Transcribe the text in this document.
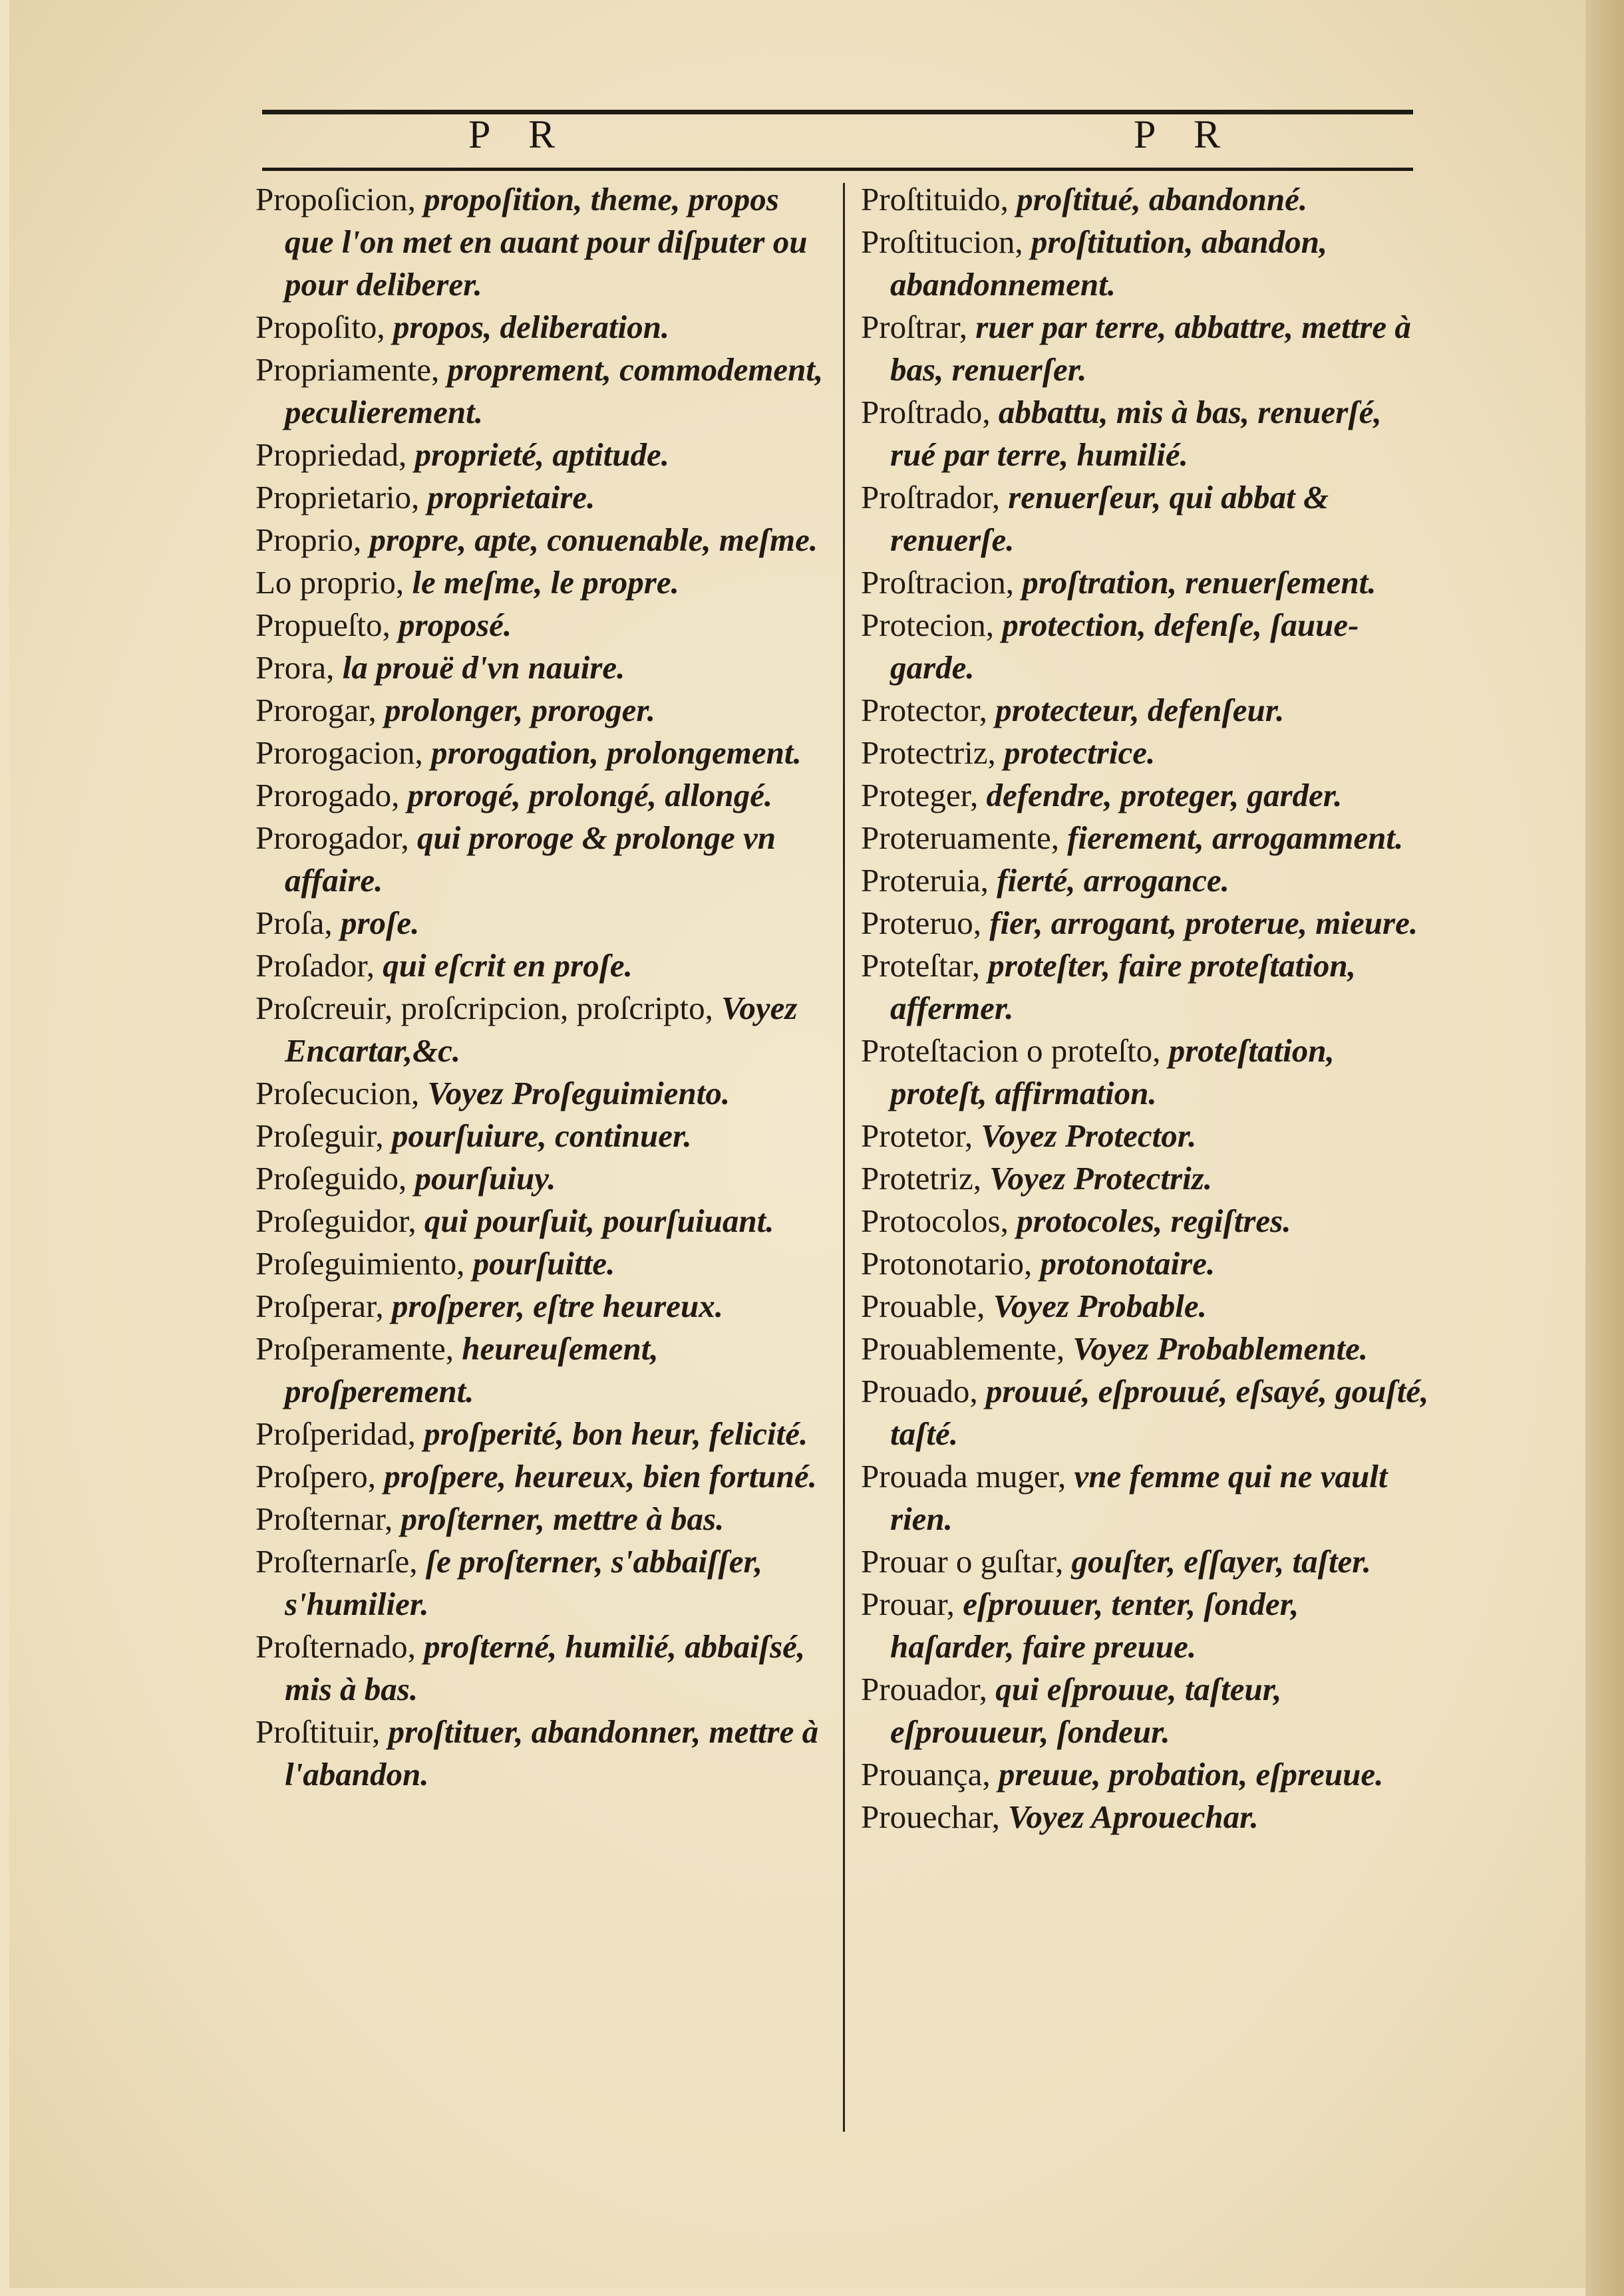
P R	P R
Propoſicion, propoſition, theme, propos que l'on met en auant pour diſputer ou pour deliberer.
Propoſito, propos, deliberation.
Propriamente, proprement, commodement, peculierement.
Propriedad, proprieté, aptitude.
Proprietario, proprietaire.
Proprio, propre, apte, conuenable, meſme.
Lo proprio, le meſme, le propre.
Propueſto, proposé.
Prora, la prouë d'vn nauire.
Prorogar, prolonger, proroger.
Prorogacion, prorogation, prolongement.
Prorogado, prorogé, prolongé, allongé.
Prorogador, qui proroge & prolonge vn affaire.
Proſa, proſe.
Proſador, qui eſcrit en proſe.
Proſcreuir, proſcripcion, proſcripto, Voyez Encartar,&c.
Proſecucion, Voyez Proſeguimiento.
Proſeguir, pourſuiure, continuer.
Proſeguido, pourſuiuy.
Proſeguidor, qui pourſuit, pourſuiuant.
Proſeguimiento, pourſuitte.
Proſperar, proſperer, eſtre heureux.
Proſperamente, heureuſement, proſperement.
Proſperidad, proſperité, bon heur, felicité.
Proſpero, proſpere, heureux, bien fortuné.
Proſternar, proſterner, mettre à bas.
Proſternarſe, ſe proſterner, s'abbaiſſer, s'humilier.
Proſternado, proſterné, humilié, abbaiſsé, mis à bas.
Proſtituir, proſtituer, abandonner, mettre à l'abandon.
Proſtituido, proſtitué, abandonné.
Proſtitucion, proſtitution, abandon, abandonnement.
Proſtrar, ruer par terre, abbattre, mettre à bas, renuerſer.
Proſtrado, abbattu, mis à bas, renuerſé, rué par terre, humilié.
Proſtrador, renuerſeur, qui abbat & renuerſe.
Proſtracion, proſtration, renuerſement.
Protecion, protection, defenſe, ſauue-garde.
Protector, protecteur, defenſeur.
Protectriz, protectrice.
Proteger, defendre, proteger, garder.
Proteruamente, fierement, arrogamment.
Proteruia, fierté, arrogance.
Proteruo, fier, arrogant, proterue, mieure.
Proteſtar, proteſter, faire proteſtation, affermer.
Proteſtacion o proteſto, proteſtation, proteſt, affirmation.
Protetor, Voyez Protector.
Protetriz, Voyez Protectriz.
Protocolos, protocoles, regiſtres.
Protonotario, protonotaire.
Prouable, Voyez Probable.
Prouablemente, Voyez Probablemente.
Prouado, prouué, eſprouué, eſsayé, gouſté, taſté.
Prouada muger, vne femme qui ne vault rien.
Prouar o guſtar, gouſter, eſſayer, taſter.
Prouar, eſprouuer, tenter, ſonder, haſarder, faire preuue.
Prouador, qui eſprouue, taſteur, eſprouueur, ſondeur.
Prouança, preuue, probation, eſpreuue.
Prouechar, Voyez Aprouechar.
